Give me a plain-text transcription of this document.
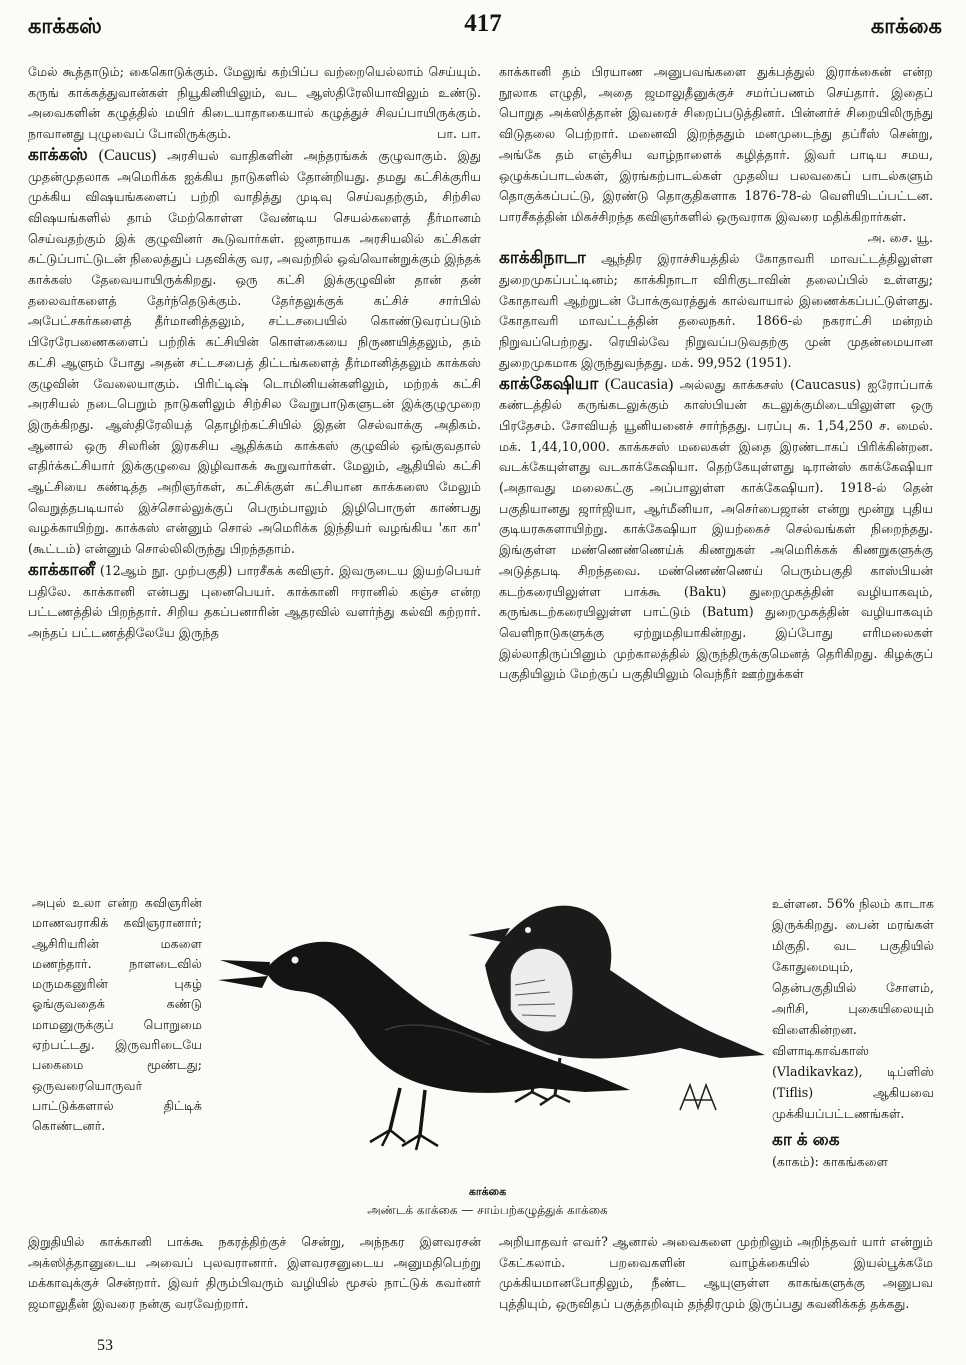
காக்கஸ்	417	காக்கை

மேல் கூத்தாடும்; கைகொடுக்கும். மேலுங் கற்பிப்ப வற்றையெல்லாம் செய்யும். கருங் காக்கத்துவான்கள் நியூகினியிலும், வட ஆஸ்திரேலியாவிலும் உண்டு. அவைகளின் கழுத்தில் மயிர் கிடையாதாகையால் கழுத்துச் சிவப்பாயிருக்கும். நாவானது புழுவைப் போலிருக்கும்.	பா. பா.

காக்கஸ் (Caucus) அரசியல் வாதிகளின் அந்தரங்கக் குழுவாகும். இது முதன்முதலாக அமெரிக்க ஐக்கிய நாடுகளில் தோன்றியது. தமது கட்சிக்குரிய முக்கிய விஷயங்களைப் பற்றி வாதித்து முடிவு செய்வதற்கும், சிற்சில விஷயங்களில் தாம் மேற்கொள்ள வேண்டிய செயல்களைத் தீர்மானம் செய்வதற்கும் இக் குழுவினர் கூடுவார்கள். ஜனநாயக அரசியலில் கட்சிகள் கட்டுப்பாட்டுடன் நிலைத்துப் பதவிக்கு வர, அவற்றில் ஒவ்வொன்றுக்கும் இந்தக் காக்கஸ் தேவையாயிருக்கிறது. ஒரு கட்சி இக்குழுவின் தான் தன் தலைவர்களைத் தேர்ந்தெடுக்கும். தேர்தலுக்குக் கட்சிச் சார்பில் அபேட்சகர்களைத் தீர்மானித்தலும், சட்டசபையில் கொண்டுவரப்படும் பிரேரேபணைகளைப் பற்றிக் கட்சியின் கொள்கையை நிருணயித்தலும், தம் கட்சி ஆளும் போது அதன் சட்டசபைத் திட்டங்களைத் தீர்மானித்தலும் காக்கஸ் குழுவின் வேலையாகும். பிரிட்டிஷ் டொமினியன்களிலும், மற்றக் கட்சி அரசியல் நடைபெறும் நாடுகளிலும் சிற்சில வேறுபாடுகளுடன் இக்குழுமுறை இருக்கிறது. ஆஸ்திரேலியத் தொழிற்கட்சியில் இதன் செல்வாக்கு அதிகம். ஆனால் ஒரு சிலரின் இரகசிய ஆதிக்கம் காக்கஸ் குழுவில் ஒங்குவதால் எதிர்க்கட்சியார் இக்குழுவை இழிவாகக் கூறுவார்கள். மேலும், ஆதியில் கட்சி ஆட்சியை கண்டித்த அறிஞர்கள், கட்சிக்குள் கட்சியான காக்கஸை மேலும் வெறுத்தபடியால் இச்சொல்லுக்குப் பெரும்பாலும் இழிபொருள் காண்பது வழக்காயிற்று. காக்கஸ் என்னும் சொல் அமெரிக்க இந்தியர் வழங்கிய 'கா கா' (கூட்டம்) என்னும் சொல்லிலிருந்து பிறந்ததாம்.

காக்கானீ (12ஆம் நூ. முற்பகுதி) பாரசீகக் கவிஞர். இவருடைய இயற்பெயர் பதிலே. காக்கானி என்பது புனைபெயர். காக்கானி ஈரானில் கஞ்ச என்ற பட்டணத்தில் பிறந்தார். சிறிய தகப்பனாரின் ஆதரவில் வளர்ந்து கல்வி கற்றார். அந்தப் பட்டணத்திலேயே இருந்த

காக்கானி தம் பிரயாண அனுபவங்களை துக்பத்துல் இராக்கைன் என்ற நூலாக எழுதி, அதை ஜமாலுதீனுக்குச் சமர்ப்பணம் செய்தார். இதைப் பொறுத அக்ஸித்தான் இவரைச் சிறைப்படுத்தினர். பின்னர்ச் சிறையிலிருந்து விடுதலை பெற்றார். மனைவி இறந்ததும் மனமுடைந்து தப்ரீஸ் சென்று, அங்கே தம் எஞ்சிய வாழ்நாளைக் கழித்தார். இவர் பாடிய சமய, ஒழுக்கப்பாடல்கள், இரங்கற்பாடல்கள் முதலிய பலவகைப் பாடல்களும் தொகுக்கப்பட்டு, இரண்டு தொகுதிகளாக 1876-78-ல் வெளியிடப்பட்டன. பாரசீகத்தின் மிகச்சிறந்த கவிஞர்களில் ஒருவராக இவரை மதிக்கிறார்கள்.
அ. சை. யூ.

காக்கிநாடா ஆந்திர இராச்சியத்தில் கோதாவரி மாவட்டத்திலுள்ள துறைமுகப்பட்டினம்; காக்கிநாடா விரிகுடாவின் தலைப்பில் உள்ளது; கோதாவரி ஆற்றுடன் போக்குவரத்துக் கால்வாயால் இணைக்கப்பட்டுள்ளது. கோதாவரி மாவட்டத்தின் தலைநகர். 1866-ல் நகராட்சி மன்றம் நிறுவப்பெற்றது. ரெயில்வே நிறுவப்படுவதற்கு முன் முதன்மையான துறைமுகமாக இருந்துவந்தது. மக். 99,952 (1951).

காக்கேஷியா (Caucasia) அல்லது காக்கசஸ் (Caucasus) ஐரோப்பாக் கண்டத்தில் கருங்கடலுக்கும் காஸ்பியன் கடலுக்குமிடையிலுள்ள ஒரு பிரதேசம். சோவியத் யூனியனைச் சார்ந்தது. பரப்பு சு. 1,54,250 ச. மைல். மக். 1,44,10,000. காக்கசஸ் மலைகள் இதை இரண்டாகப் பிரிக்கின்றன. வடக்கேயுள்ளது வடகாக்கேஷியா. தெற்கேயுள்ளது டிரான்ஸ் காக்கேஷியா (அதாவது மலைகட்கு அப்பாலுள்ள காக்கேஷியா). 1918-ல் தென் பகுதியானது ஜார்ஜியா, ஆர்மீனியா, அசெர்பைஜான் என்று மூன்று புதிய குடியரசுகளாயிற்று. காக்கேஷியா இயற்கைச் செல்வங்கள் நிறைந்தது. இங்குள்ள மண்ணெண்ணெய்க் கிணறுகள் அமெரிக்கக் கிணறுகளுக்கு அடுத்தபடி சிறந்தவை. மண்ணெண்ணெய் பெரும்பகுதி காஸ்பியன் கடற்கரையிலுள்ள பாக்கூ (Baku) துறைமுகத்தின் வழியாகவும், கருங்கடற்கரையிலுள்ள பாட்டும் (Batum) துறைமுகத்தின் வழியாகவும் வெளிநாடுகளுக்கு ஏற்றுமதியாகின்றது. இப்போது எரிமலைகள் இல்லாதிருப்பினும் முற்காலத்தில் இருந்திருக்குமெனத் தெரிகிறது. கிழக்குப் பகுதியிலும் மேற்குப் பகுதியிலும் வெந்நீர் ஊற்றுக்கள்

அபுல் உலா என்ற கவிஞரின் மாணவராகிக் கவிஞரானார்; ஆசிரியரின் மகளை மணந்தார். நாளடைவில் மருமகனுரின் புகழ் ஓங்குவதைக் கண்டு மாமனுருக்குப் பொறுமை ஏற்பட்டது. இருவரிடையே பகைமை மூண்டது; ஒருவரையொருவர் பாட்டுக்களால் திட்டிக் கொண்டனர்.

காக்கை
அண்டக் காக்கை — சாம்பற்கழுத்துக் காக்கை

உள்ளன. 56% நிலம் காடாக இருக்கிறது. பைன் மரங்கள் மிகுதி. வட பகுதியில் கோதுமையும், தென்பகுதியில் சோளம், அரிசி, புகையிலையும் விளைகின்றன. விளாடிகாவ்காஸ் (Vladikavkaz), டிப்ளிஸ் (Tiflis) ஆகியவை முக்கியப்பட்டணங்கள்.

காக்கை

(காகம்): காகங்களை

இறுதியில் காக்கானி பாக்கூ நகரத்திற்குச் சென்று, அந்நகர இளவரசன் அக்ஸித்தானுடைய அவைப் புலவரானார். இளவரசனுடைய அனுமதிபெற்று மக்காவுக்குச் சென்றார். இவர் திரும்பிவரும் வழியில் மூசல் நாட்டுக் கவர்னர் ஜமாலுதீன் இவரை நன்கு வரவேற்றார்.

அறியாதவர் எவர்? ஆனால் அவைகளை முற்றிலும் அறிந்தவர் யார் என்றும் கேட்கலாம். பறவைகளின் வாழ்க்கையில் இயல்பூக்கமே முக்கியமானபோதிலும், நீண்ட ஆயுளுள்ள காகங்களுக்கு அனுபவ புத்தியும், ஒருவிதப் பகுத்தறிவும் தந்திரமும் இருப்பது கவனிக்கத் தக்கது.

53
